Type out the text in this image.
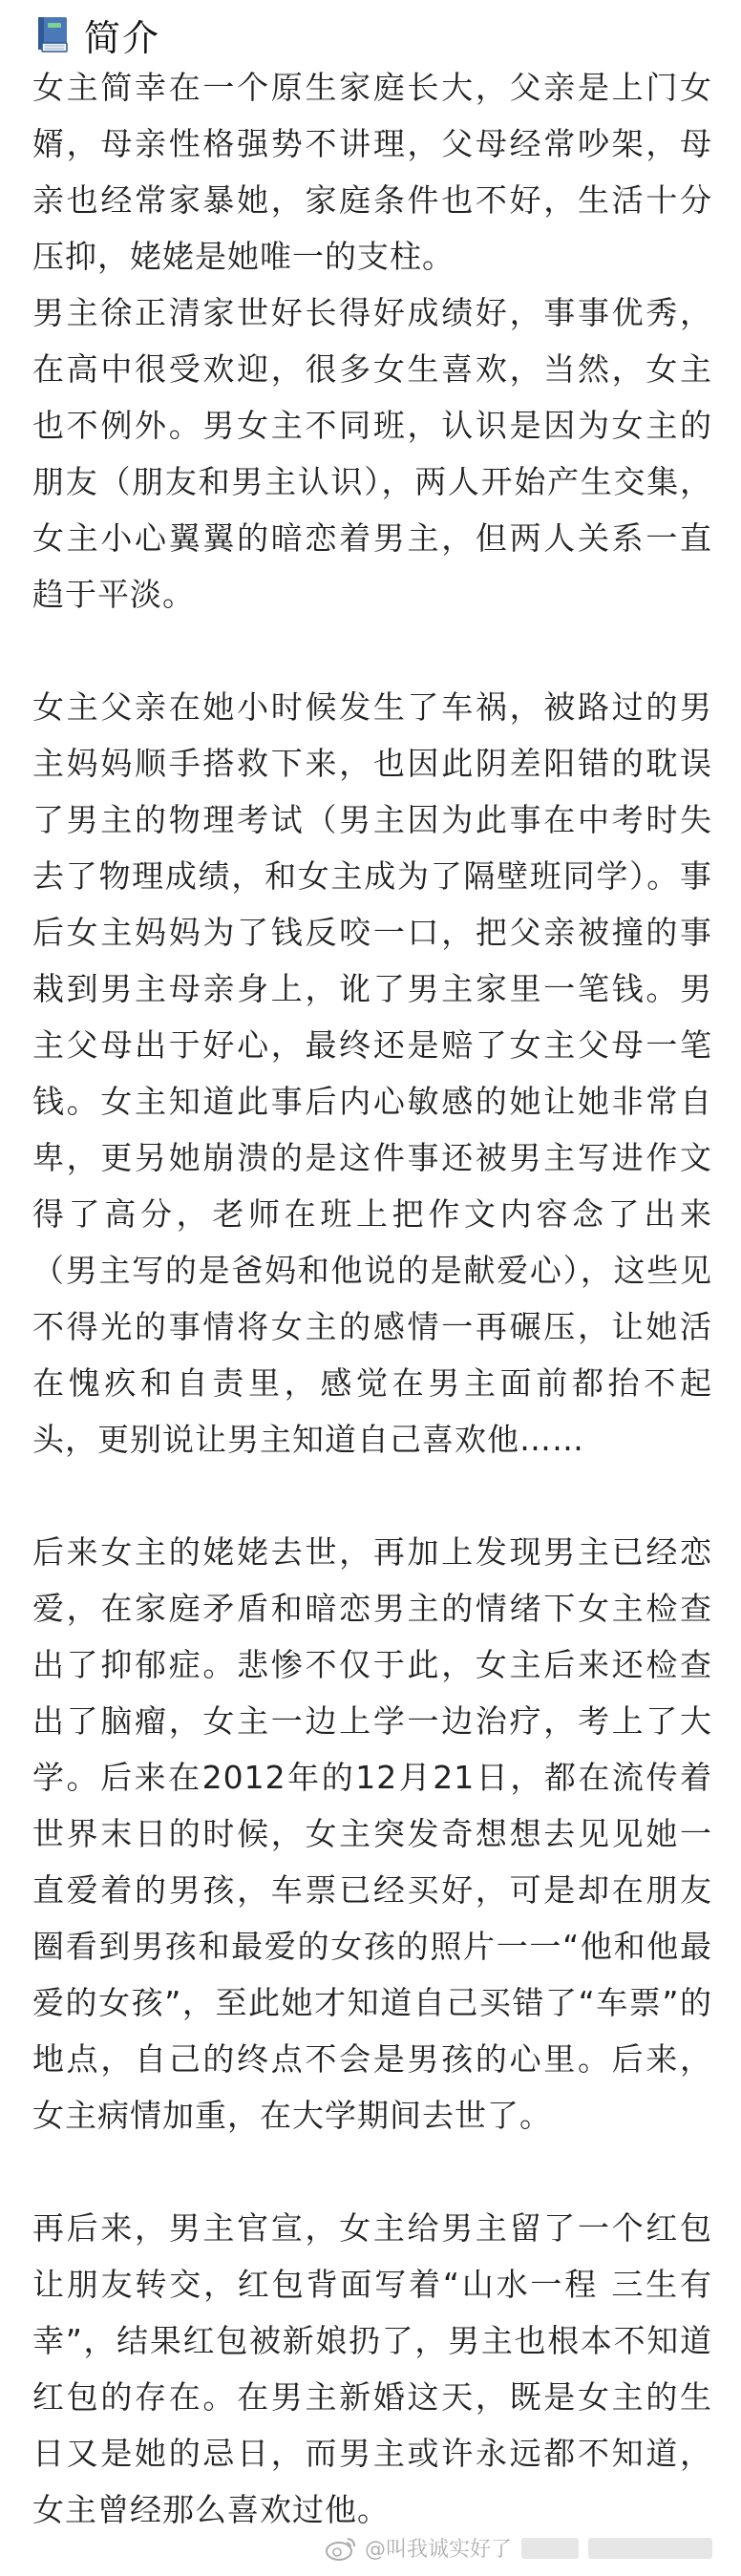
简介

女主简幸在一个原生家庭长大，父亲是上门女婿，母亲性格强势不讲理，父母经常吵架，母亲也经常家暴她，家庭条件也不好，生活十分压抑，姥姥是她唯一的支柱。

男主徐正清家世好长得好成绩好，事事优秀，在高中很受欢迎，很多女生喜欢，当然，女主也不例外。男女主不同班，认识是因为女主的朋友（朋友和男主认识），两人开始产生交集，女主小心翼翼的暗恋着男主，但两人关系一直趋于平淡。

女主父亲在她小时候发生了车祸，被路过的男主妈妈顺手搭救下来，也因此阴差阳错的耽误了男主的物理考试（男主因为此事在中考时失去了物理成绩，和女主成为了隔壁班同学）。事后女主妈妈为了钱反咬一口，把父亲被撞的事栽到男主母亲身上，讹了男主家里一笔钱。男主父母出于好心，最终还是赔了女主父母一笔钱。女主知道此事后内心敏感的她让她非常自卑，更另她崩溃的是这件事还被男主写进作文得了高分，老师在班上把作文内容念了出来（男主写的是爸妈和他说的是献爱心），这些见不得光的事情将女主的感情一再碾压，让她活在愧疚和自责里，感觉在男主面前都抬不起头，更别说让男主知道自己喜欢他……

后来女主的姥姥去世，再加上发现男主已经恋爱，在家庭矛盾和暗恋男主的情绪下女主检查出了抑郁症。悲惨不仅于此，女主后来还检查出了脑瘤，女主一边上学一边治疗，考上了大学。后来在2012年的12月21日，都在流传着世界末日的时候，女主突发奇想想去见见她一直爱着的男孩，车票已经买好，可是却在朋友圈看到男孩和最爱的女孩的照片一一“他和他最爱的女孩”，至此她才知道自己买错了“车票”的地点，自己的终点不会是男孩的心里。后来，女主病情加重，在大学期间去世了。

再后来，男主官宣，女主给男主留了一个红包让朋友转交，红包背面写着“山水一程 三生有幸”，结果红包被新娘扔了，男主也根本不知道红包的存在。在男主新婚这天，既是女主的生日又是她的忌日，而男主或许永远都不知道，女主曾经那么喜欢过他。

@叫我诚实好了
